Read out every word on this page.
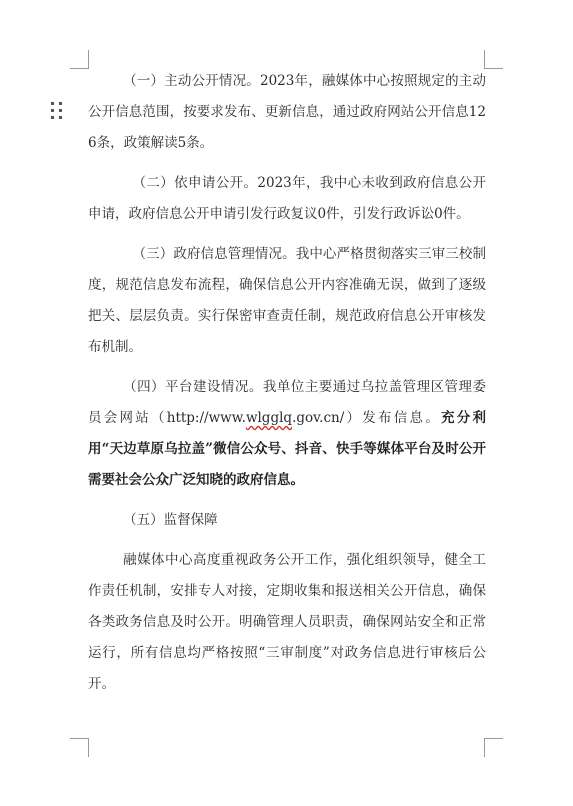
（一）主动公开情况。2023年，融媒体中心按照规定的主动公开信息范围，按要求发布、更新信息，通过政府网站公开信息126条，政策解读5条。

（二）依申请公开。2023年，我中心未收到政府信息公开申请，政府信息公开申请引发行政复议0件，引发行政诉讼0件。

（三）政府信息管理情况。我中心严格贯彻落实三审三校制度，规范信息发布流程，确保信息公开内容准确无误，做到了逐级把关、层层负责。实行保密审查责任制，规范政府信息公开审核发布机制。

（四）平台建设情况。我单位主要通过乌拉盖管理区管理委员会网站（http://www.wlgglq.gov.cn/）发布信息。充分利用“天边草原乌拉盖”微信公众号、抖音、快手等媒体平台及时公开需要社会公众广泛知晓的政府信息。

（五）监督保障

融媒体中心高度重视政务公开工作，强化组织领导，健全工作责任机制，安排专人对接，定期收集和报送相关公开信息，确保各类政务信息及时公开。明确管理人员职责，确保网站安全和正常运行，所有信息均严格按照“三审制度”对政务信息进行审核后公开。
